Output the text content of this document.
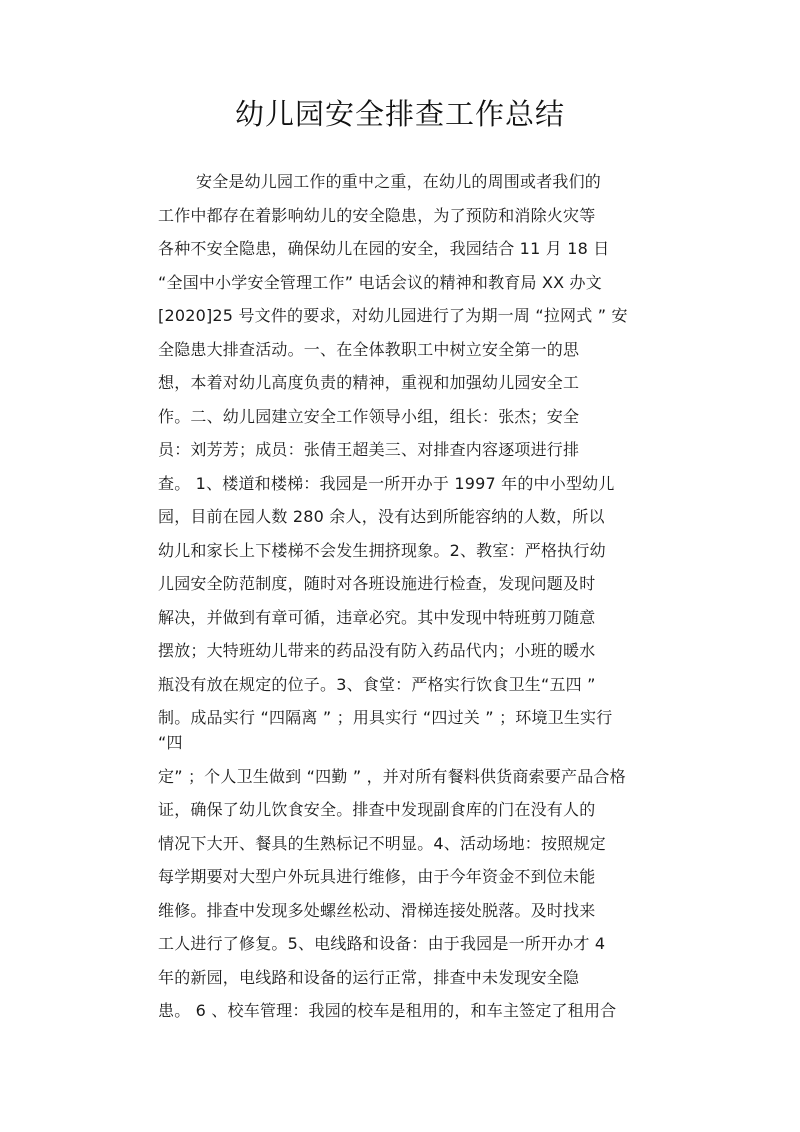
幼儿园安全排查工作总结
安全是幼儿园工作的重中之重，在幼儿的周围或者我们的
工作中都存在着影响幼儿的安全隐患，为了预防和消除火灾等
各种不安全隐患，确保幼儿在园的安全，我园结合 11 月 18 日
“全国中小学安全管理工作” 电话会议的精神和教育局 XX 办文
[2020]25 号文件的要求，对幼儿园进行了为期一周 “拉网式 ” 安
全隐患大排查活动。一、在全体教职工中树立安全第一的思
想，本着对幼儿高度负责的精神，重视和加强幼儿园安全工
作。二、幼儿园建立安全工作领导小组，组长：张杰；安全
员：刘芳芳；成员：张倩王超美三、对排查内容逐项进行排
查。 1、楼道和楼梯：我园是一所开办于 1997 年的中小型幼儿
园，目前在园人数 280 余人，没有达到所能容纳的人数，所以
幼儿和家长上下楼梯不会发生拥挤现象。2、教室：严格执行幼
儿园安全防范制度，随时对各班设施进行检查，发现问题及时
解决，并做到有章可循，违章必究。其中发现中特班剪刀随意
摆放；大特班幼儿带来的药品没有防入药品代内；小班的暖水
瓶没有放在规定的位子。3、食堂：严格实行饮食卫生“五四 ”
制。成品实行 “四隔离 ” ；用具实行 “四过关 ” ；环境卫生实行
“四
定” ；个人卫生做到 “四勤 ” ，并对所有餐料供货商索要产品合格
证，确保了幼儿饮食安全。排查中发现副食库的门在没有人的
情况下大开、餐具的生熟标记不明显。4、活动场地：按照规定
每学期要对大型户外玩具进行维修，由于今年资金不到位未能
维修。排查中发现多处螺丝松动、滑梯连接处脱落。及时找来
工人进行了修复。5、电线路和设备：由于我园是一所开办才 4
年的新园，电线路和设备的运行正常，排查中未发现安全隐
患。 6 、校车管理：我园的校车是租用的，和车主签定了租用合
